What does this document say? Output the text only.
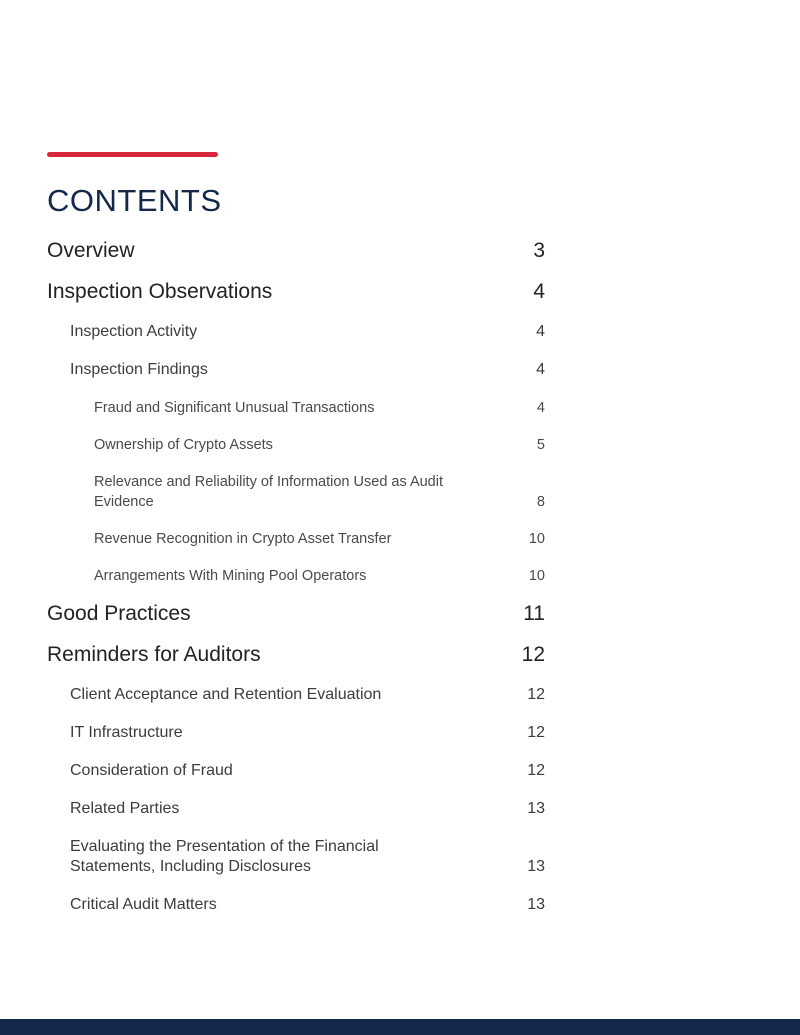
CONTENTS
Overview	3
Inspection Observations	4
Inspection Activity	4
Inspection Findings	4
Fraud and Significant Unusual Transactions	4
Ownership of Crypto Assets	5
Relevance and Reliability of Information Used as Audit Evidence	8
Revenue Recognition in Crypto Asset Transfer	10
Arrangements With Mining Pool Operators	10
Good Practices	11
Reminders for Auditors	12
Client Acceptance and Retention Evaluation	12
IT Infrastructure	12
Consideration of Fraud	12
Related Parties	13
Evaluating the Presentation of the Financial Statements, Including Disclosures	13
Critical Audit Matters	13
